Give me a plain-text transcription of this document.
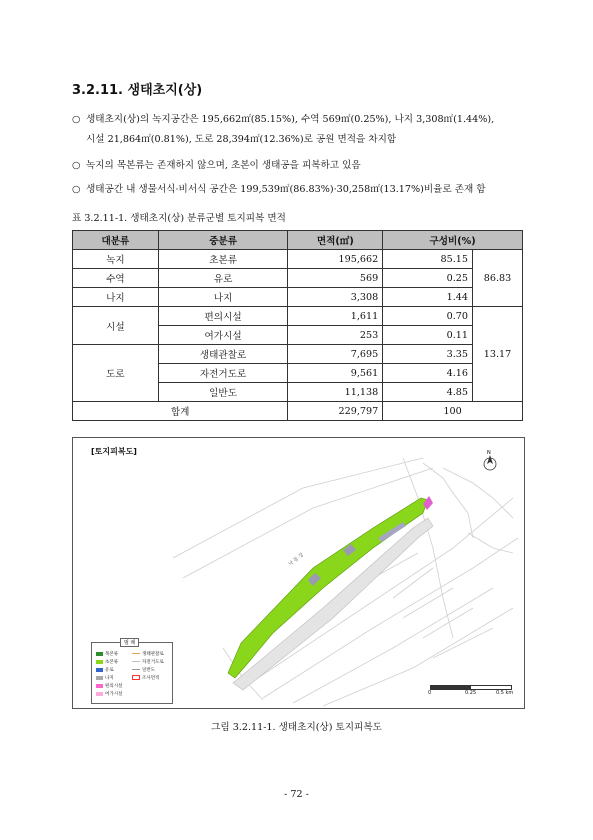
3.2.11. 생태초지(상)
○ 생태초지(상)의 녹지공간은 195,662㎡(85.15%), 수역 569㎡(0.25%), 나지 3,308㎡(1.44%),
시설 21,864㎡(0.81%), 도로 28,394㎡(12.36%)로 공원 면적을 차지함
○ 녹지의 목본류는 존재하지 않으며, 초본이 생태공을 피복하고 있음
○ 생태공간 내 생물서식·비서식 공간은 199,539㎡(86.83%)·30,258㎡(13.17%)비율로 존재 함
표 3.2.11-1. 생태초지(상) 분류군별 토지피복 면적
대분류	중분류	면적(㎡)	구성비(%)	
녹지	초본류	195,662	85.15	86.83
수역	유로	569	0.25	
나지	나지	3,308	1.44	
시설	편의시설	1,611	0.70	13.17
	여가시설	253	0.11	
도로	생태관찰로	7,695	3.35	
	자전거도로	9,561	4.16	
	일반도	11,138	4.85	
합계		229,797	100	
[토지피복도]
낙 동 강
N
범 례
목본류
초본류
유로
나지
편의시설
여가시설
생태관찰로
자전거도로
일반도
조사면적
0	0.25	0.5 km
그림 3.2.11-1. 생태초지(상) 토지피복도
- 72 -
